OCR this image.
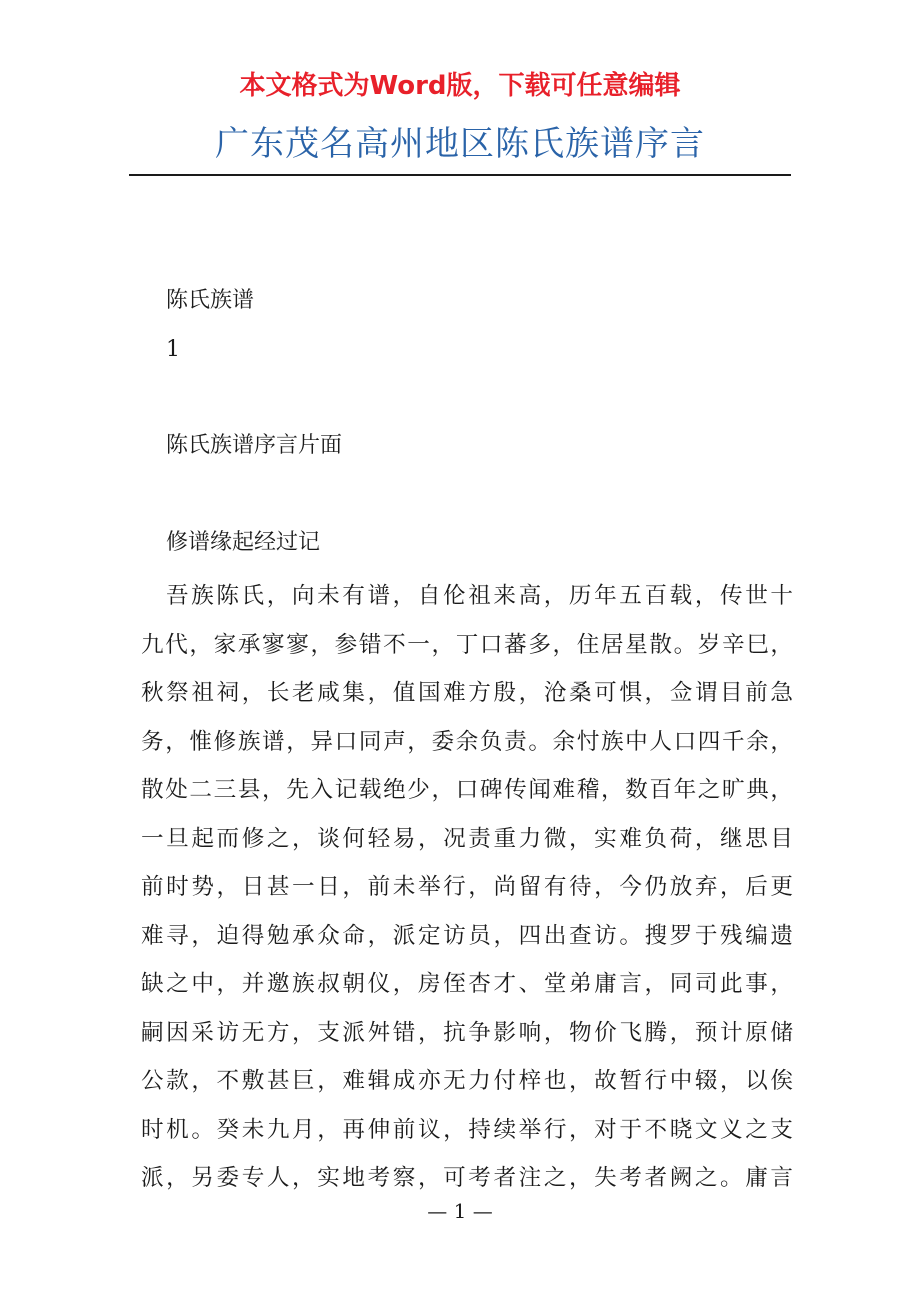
本文格式为Word版，下载可任意编辑
广东茂名高州地区陈氏族谱序言
陈氏族谱
1
陈氏族谱序言片面
修谱缘起经过记
吾族陈氏，向未有谱，自伦祖来高，历年五百载，传世十
九代，家承寥寥，参错不一，丁口蕃多，住居星散。岁辛巳，
秋祭祖祠，长老咸集，值国难方殷，沧桑可惧，佥谓目前急
务，惟修族谱，异口同声，委余负责。余忖族中人口四千余，
散处二三县，先入记载绝少，口碑传闻难稽，数百年之旷典，
一旦起而修之，谈何轻易，况责重力微，实难负荷，继思目
前时势，日甚一日，前未举行，尚留有待，今仍放弃，后更
难寻，迫得勉承众命，派定访员，四出查访。搜罗于残编遗
缺之中，并邀族叔朝仪，房侄杏才、堂弟庸言，同司此事，
嗣因采访无方，支派舛错，抗争影响，物价飞腾，预计原储
公款，不敷甚巨，难辑成亦无力付梓也，故暂行中辍，以俟
时机。癸未九月，再伸前议，持续举行，对于不晓文义之支
派，另委专人，实地考察，可考者注之，失考者阙之。庸言
— 1 —
